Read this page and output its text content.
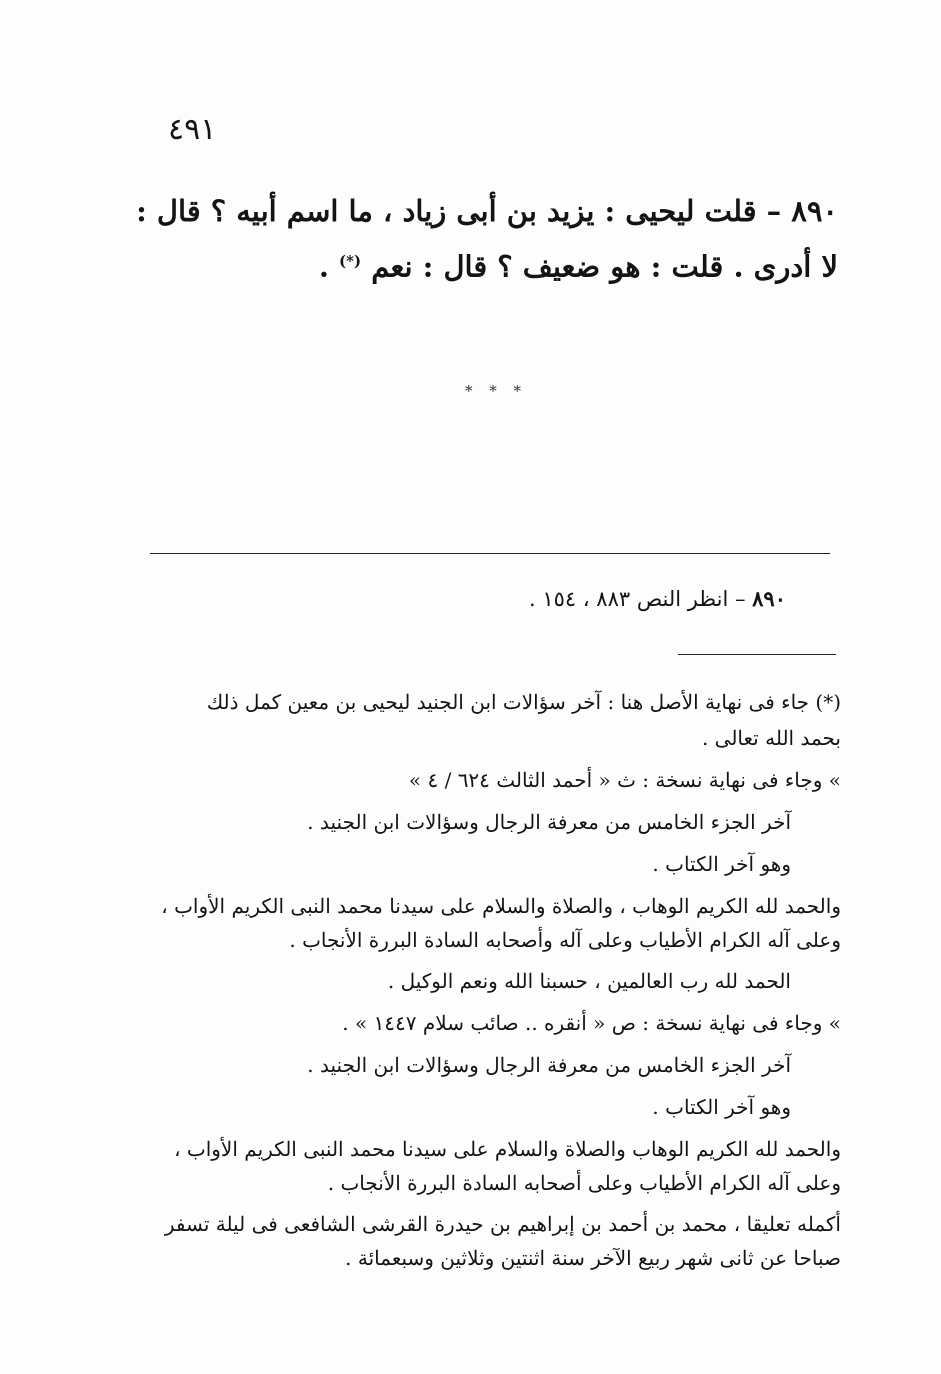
٤٩١
٨٩٠ – قلت ليحيى : يزيد بن أبى زياد ، ما اسم أبيه ؟ قال :
لا أدرى . قلت : هو ضعيف ؟ قال : نعم (*) .
* * *
٨٩٠ – انظر النص ٨٨٣ ، ١٥٤ .
(*) جاء فى نهاية الأصل هنا : آخر سؤالات ابن الجنيد ليحيى بن معين كمل ذلك
بحمد الله تعالى .
» وجاء فى نهاية نسخة : ث « أحمد الثالث ٦٢٤ / ٤ »
آخر الجزء الخامس من معرفة الرجال وسؤالات ابن الجنيد .
وهو آخر الكتاب .
والحمد لله الكريم الوهاب ، والصلاة والسلام على سيدنا محمد النبى الكريم الأواب ،
وعلى آله الكرام الأطياب وعلى آله وأصحابه السادة البررة الأنجاب .
الحمد لله رب العالمين ، حسبنا الله ونعم الوكيل .
» وجاء فى نهاية نسخة : ص « أنقره .. صائب سلام ١٤٤٧ » .
آخر الجزء الخامس من معرفة الرجال وسؤالات ابن الجنيد .
وهو آخر الكتاب .
والحمد لله الكريم الوهاب والصلاة والسلام على سيدنا محمد النبى الكريم الأواب ،
وعلى آله الكرام الأطياب وعلى أصحابه السادة البررة الأنجاب .
أكمله تعليقا ، محمد بن أحمد بن إبراهيم بن حيدرة القرشى الشافعى فى ليلة تسفر
صباحا عن ثانى شهر ربيع الآخر سنة اثنتين وثلاثين وسبعمائة .
